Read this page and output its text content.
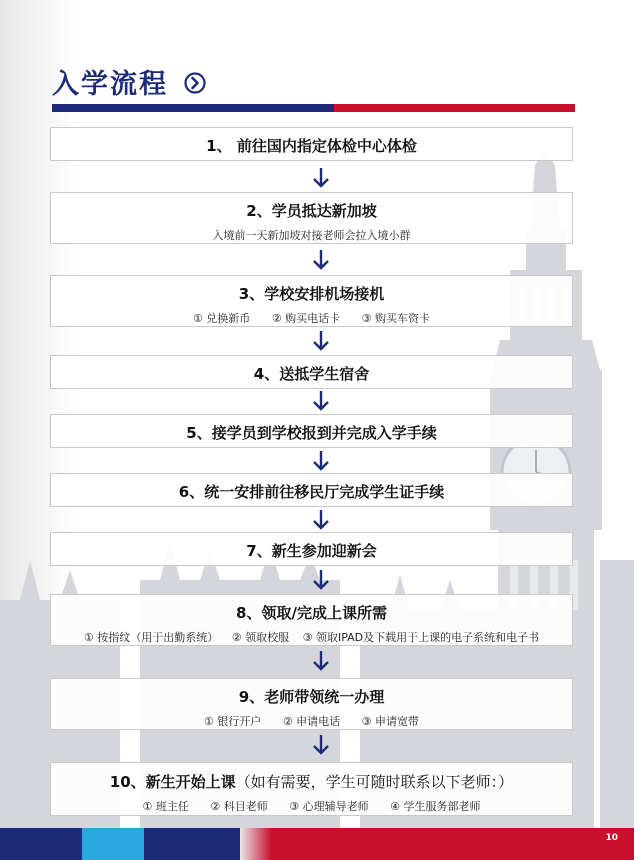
入学流程
1、 前往国内指定体检中心体检
2、学员抵达新加坡
入境前一天新加坡对接老师会拉入境小群
3、学校安排机场接机
① 兑换新币 ② 购买电话卡 ③ 购买车资卡
4、送抵学生宿舍
5、接学员到学校报到并完成入学手续
6、统一安排前往移民厅完成学生证手续
7、新生参加迎新会
8、领取/完成上课所需
① 按指纹（用于出勤系统） ② 领取校服 ③ 领取IPAD及下载用于上课的电子系统和电子书
9、老师带领统一办理
① 银行开户 ② 申请电话 ③ 申请宽带
10、新生开始上课（如有需要，学生可随时联系以下老师：）
① 班主任 ② 科目老师 ③ 心理辅导老师 ④ 学生服务部老师
10
